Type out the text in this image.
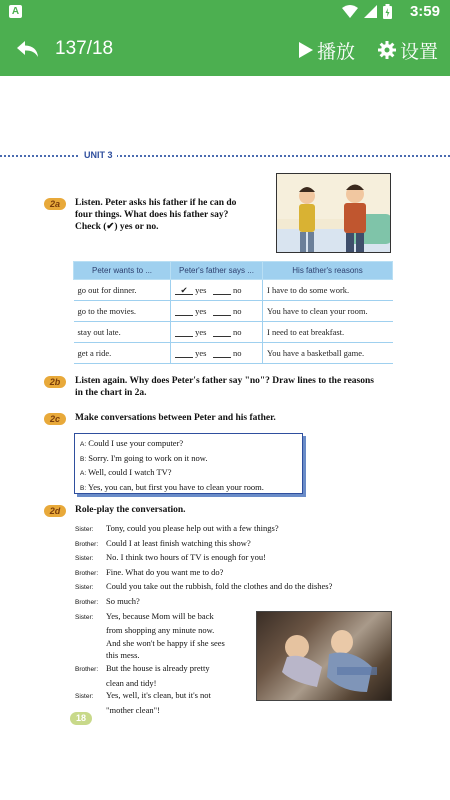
A	3:59
137/18	播放 设置
UNIT 3
2a	Listen. Peter asks his father if he can do
four things. What does his father say?
Check (✔) yes or no.
Peter wants to ...	Peter's father says ...	His father's reasons
go out for dinner.	✔ yes no	I have to do some work.
go to the movies.	yes no	You have to clean your room.
stay out late.	yes no	I need to eat breakfast.
get a ride.	yes no	You have a basketball game.
2b	Listen again. Why does Peter's father say "no"? Draw lines to the reasons
in the chart in 2a.
2c	Make conversations between Peter and his father.
A: Could I use your computer?
B: Sorry. I'm going to work on it now.
A: Well, could I watch TV?
B: Yes, you can, but first you have to clean your room.
2d	Role-play the conversation.
Sister: Tony, could you please help out with a few things?
Brother: Could I at least finish watching this show?
Sister: No. I think two hours of TV is enough for you!
Brother: Fine. What do you want me to do?
Sister: Could you take out the rubbish, fold the clothes and do the dishes?
Brother: So much?
Sister: Yes, because Mom will be back
from shopping any minute now.
And she won't be happy if she sees
this mess.
Brother: But the house is already pretty
clean and tidy!
Sister: Yes, well, it's clean, but it's not
"mother clean"!
18
